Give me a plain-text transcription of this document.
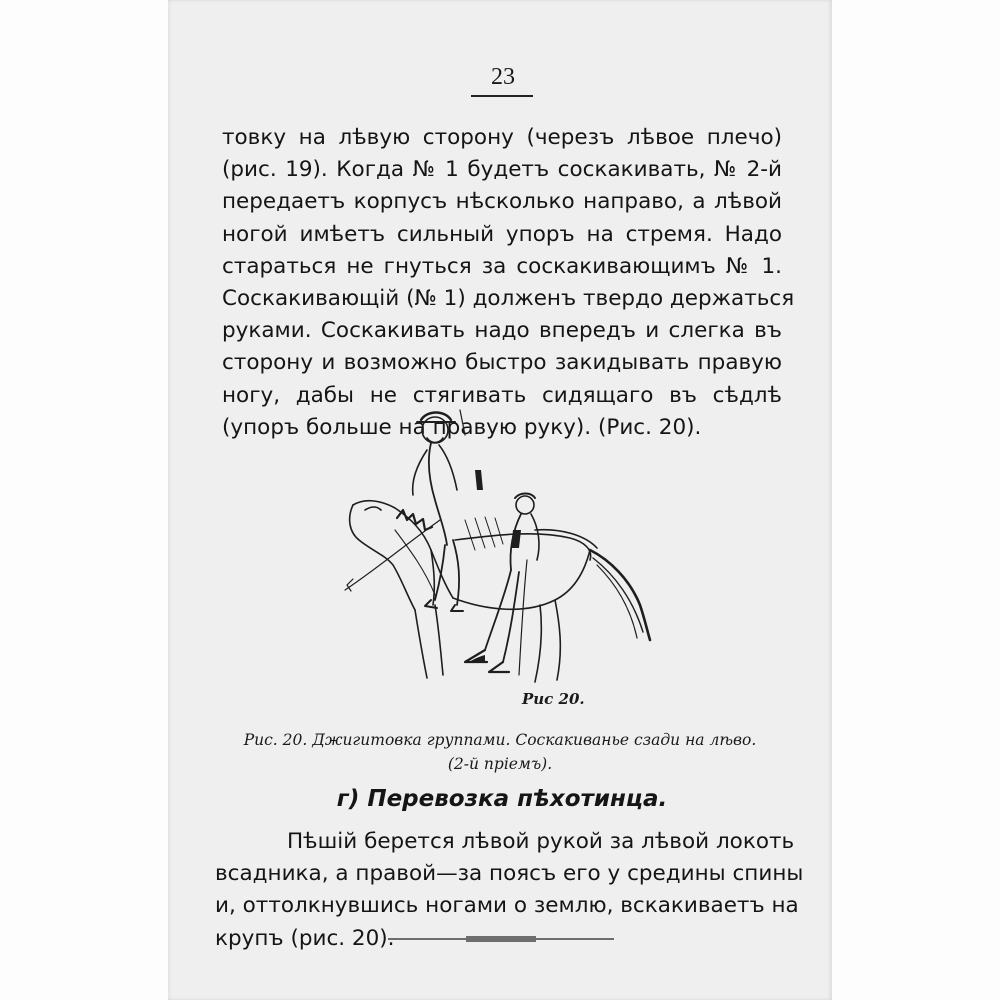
23
товку на лѣвую сторону (черезъ лѣвое плечо)
(рис. 19). Когда № 1 будетъ соскакивать, № 2-й
передаетъ корпусъ нѣсколько направо, а лѣвой
ногой имѣетъ сильный упоръ на стремя. Надо
стараться не гнуться за соскакивающимъ № 1.
Соскакивающій (№ 1) долженъ твердо держаться
руками. Соскакивать надо впередъ и слегка въ
сторону и возможно быстро закидывать правую
ногу, дабы не стягивать сидящаго въ сѣдлѣ
(упоръ больше на правую руку). (Рис. 20).
Рис 20.
Рис. 20. Джигитовка группами. Соскакиванье сзади на лѣво.
(2-й пріемъ).
г) Перевозка пѣхотинца.
Пѣшій берется лѣвой рукой за лѣвой локоть
всадника, а правой—за поясъ его у средины спины
и, оттолкнувшись ногами о землю, вскакиваетъ на
крупъ (рис. 20).
